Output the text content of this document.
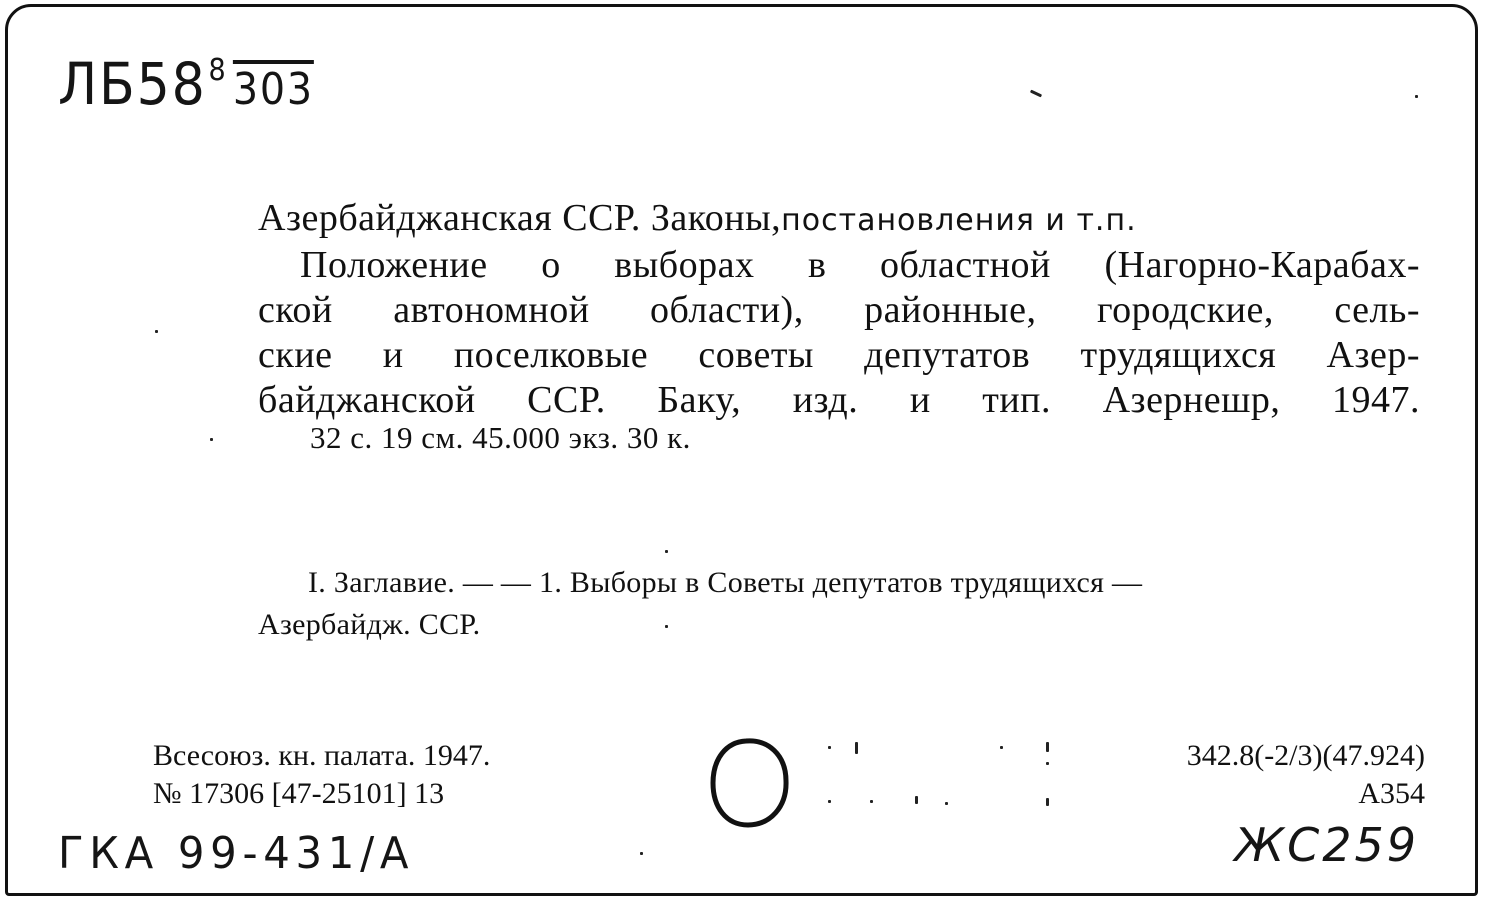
$ЛБ58^8$ 303
Азербайджанская ССР. Законы,постановления и т.п.
Положение о выборах в областной (Нагорно-Карабах-
ской автономной области), районные, городские, сель-
ские и поселковые советы депутатов трудящихся Азер-
байджанской ССР. Баку, изд. и тип. Азернешр, 1947.
32 с. 19 см. 45.000 экз. 30 к.
I. Заглавие. — — 1. Выборы в Советы депутатов трудящихся —
Азербайдж. ССР.
Всесоюз. кн. палата. 1947.
№ 17306 [47-25101] 13
342.8(-2/3)(47.924)
А354
ГКА 99-431/А	ЖС259
